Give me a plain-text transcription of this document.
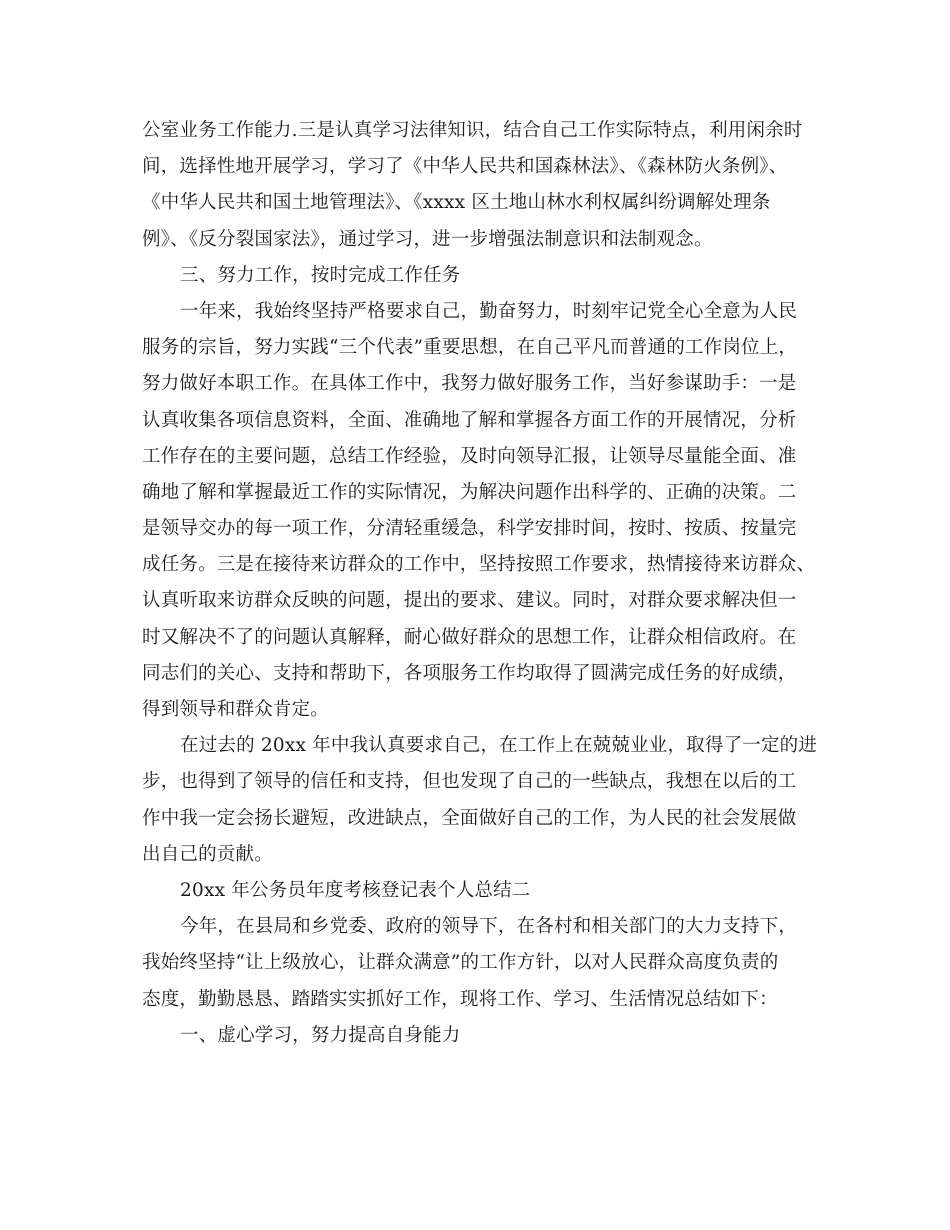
公室业务工作能力.三是认真学习法律知识，结合自己工作实际特点，利用闲余时
间，选择性地开展学习，学习了《中华人民共和国森林法》、《森林防火条例》、
《中华人民共和国土地管理法》、《xxxx 区土地山林水利权属纠纷调解处理条
例》、《反分裂国家法》，通过学习，进一步增强法制意识和法制观念。
三、努力工作，按时完成工作任务
一年来，我始终坚持严格要求自己，勤奋努力，时刻牢记党全心全意为人民
服务的宗旨，努力实践“三个代表”重要思想，在自己平凡而普通的工作岗位上，
努力做好本职工作。在具体工作中，我努力做好服务工作，当好参谋助手：一是
认真收集各项信息资料，全面、准确地了解和掌握各方面工作的开展情况，分析
工作存在的主要问题，总结工作经验，及时向领导汇报，让领导尽量能全面、准
确地了解和掌握最近工作的实际情况，为解决问题作出科学的、正确的决策。二
是领导交办的每一项工作，分清轻重缓急，科学安排时间，按时、按质、按量完
成任务。三是在接待来访群众的工作中，坚持按照工作要求，热情接待来访群众、
认真听取来访群众反映的问题，提出的要求、建议。同时，对群众要求解决但一
时又解决不了的问题认真解释，耐心做好群众的思想工作，让群众相信政府。在
同志们的关心、支持和帮助下，各项服务工作均取得了圆满完成任务的好成绩，
得到领导和群众肯定。
在过去的 20xx 年中我认真要求自己，在工作上在兢兢业业，取得了一定的进
步，也得到了领导的信任和支持，但也发现了自己的一些缺点，我想在以后的工
作中我一定会扬长避短，改进缺点，全面做好自己的工作，为人民的社会发展做
出自己的贡献。
20xx 年公务员年度考核登记表个人总结二
今年，在县局和乡党委、政府的领导下，在各村和相关部门的大力支持下，
我始终坚持“让上级放心，让群众满意”的工作方针，以对人民群众高度负责的
态度，勤勤恳恳、踏踏实实抓好工作，现将工作、学习、生活情况总结如下：
一、虚心学习，努力提高自身能力
